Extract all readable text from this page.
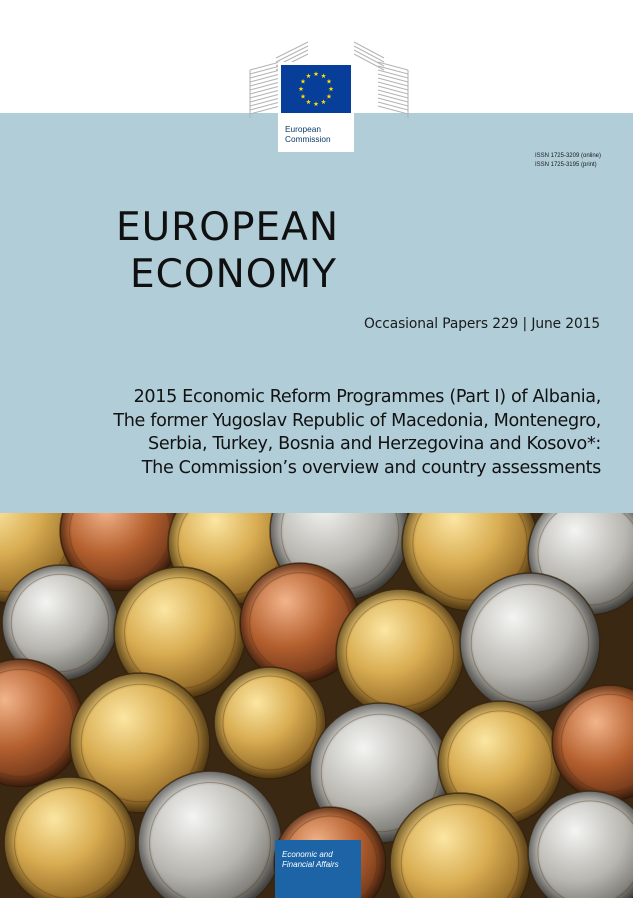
European
Commission
ISSN 1725-3209 (online)
ISSN 1725-3195 (print)
EUROPEAN
ECONOMY
Occasional Papers 229 | June 2015
2015 Economic Reform Programmes (Part I) of Albania,
The former Yugoslav Republic of Macedonia, Montenegro,
Serbia, Turkey, Bosnia and Herzegovina and Kosovo*:
The Commission’s overview and country assessments
Economic and
Financial Affairs
